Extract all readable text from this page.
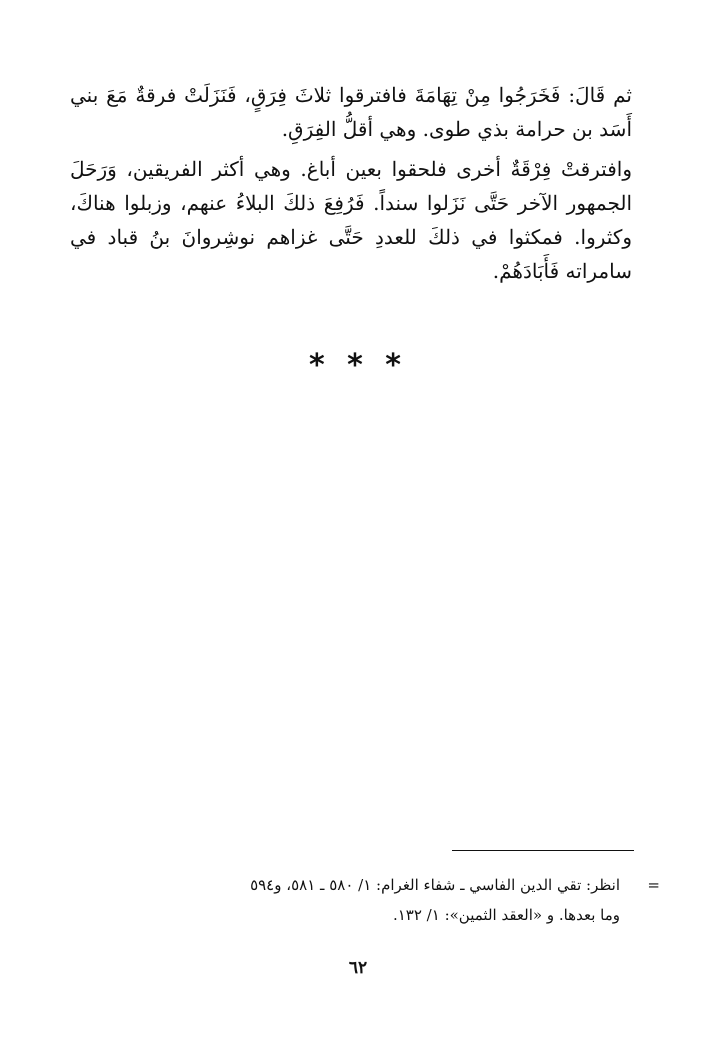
ثم قَالَ: فَخَرَجُوا مِنْ تِهَامَةَ فافترقوا ثلاثَ فِرَقٍ، فَنَزَلَتْ فرقةٌ مَعَ بني أَسَد بن حرامة بذي طوى. وهي أقلُّ الفِرَقِ.

وافترقتْ فِرْقَةٌ أخرى فلحقوا بعين أباغ. وهي أكثر الفريقين، وَرَحَلَ الجمهور الآخر حَتَّى نَزَلوا سنداً. فَرُفِعَ ذلكَ البلاءُ عنهم، وزبلوا هناكَ، وكثروا. فمكثوا في ذلكَ للعددِ حَتَّى غزاهم نوشِروانَ بنُ قباد في سامراته فَأَبَادَهُمْ.

* * *
=
انظر: تقي الدين الفاسي ـ شفاء الغرام: ١/ ٥٨٠ ـ ٥٨١، و٥٩٤
وما بعدها. و «العقد الثمين»: ١/ ١٣٢.
٦٢
